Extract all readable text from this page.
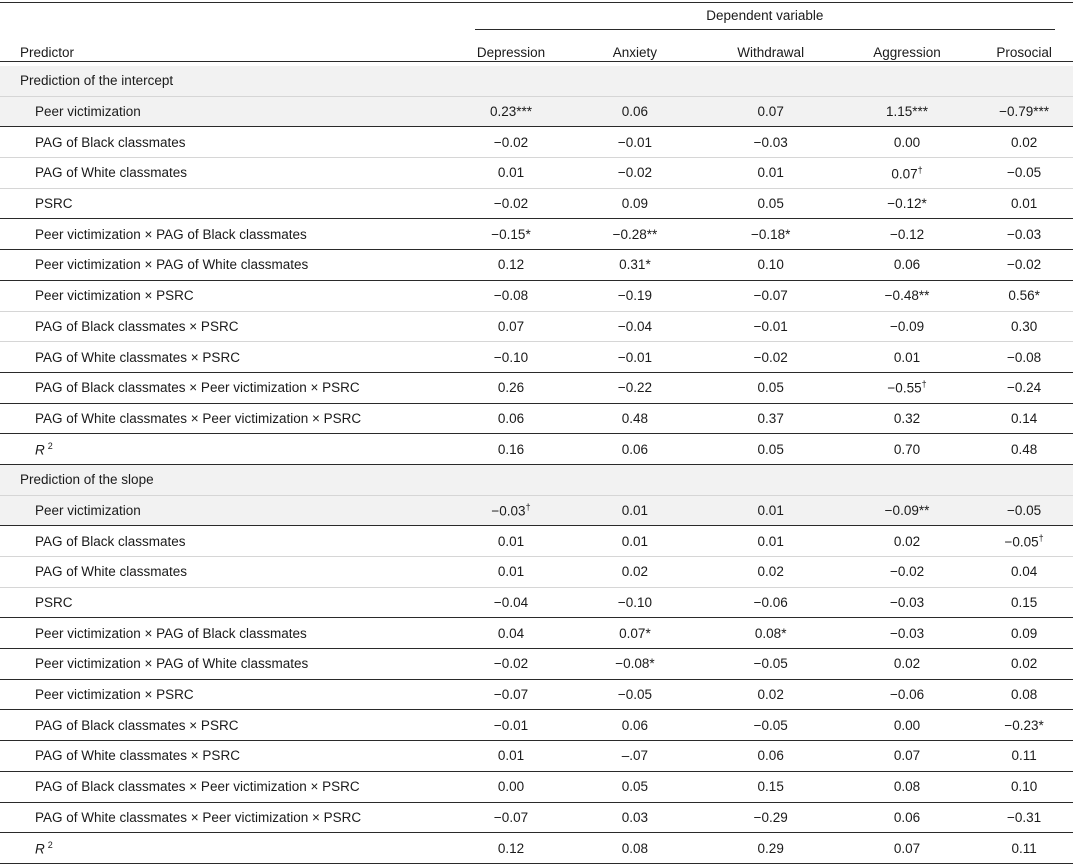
	Dependent variable				

Predictor	Depression	Anxiety	Withdrawal	Aggression	Prosocial
Prediction of the intercept					
Peer victimization	0.23***	0.06	0.07	1.15***	−0.79***
PAG of Black classmates	−0.02	−0.01	−0.03	0.00	0.02
PAG of White classmates	0.01	−0.02	0.01	0.07†	−0.05
PSRC	−0.02	0.09	0.05	−0.12*	0.01
Peer victimization × PAG of Black classmates	−0.15*	−0.28**	−0.18*	−0.12	−0.03
Peer victimization × PAG of White classmates	0.12	0.31*	0.10	0.06	−0.02
Peer victimization × PSRC	−0.08	−0.19	−0.07	−0.48**	0.56*
PAG of Black classmates × PSRC	0.07	−0.04	−0.01	−0.09	0.30
PAG of White classmates × PSRC	−0.10	−0.01	−0.02	0.01	−0.08
PAG of Black classmates × Peer victimization × PSRC	0.26	−0.22	0.05	−0.55†	−0.24
PAG of White classmates × Peer victimization × PSRC	0.06	0.48	0.37	0.32	0.14
R $^2$	0.16	0.06	0.05	0.70	0.48
Prediction of the slope					
Peer victimization	−0.03†	0.01	0.01	−0.09**	−0.05
PAG of Black classmates	0.01	0.01	0.01	0.02	−0.05†
PAG of White classmates	0.01	0.02	0.02	−0.02	0.04
PSRC	−0.04	−0.10	−0.06	−0.03	0.15
Peer victimization × PAG of Black classmates	0.04	0.07*	0.08*	−0.03	0.09
Peer victimization × PAG of White classmates	−0.02	−0.08*	−0.05	0.02	0.02
Peer victimization × PSRC	−0.07	−0.05	0.02	−0.06	0.08
PAG of Black classmates × PSRC	−0.01	0.06	−0.05	0.00	−0.23*
PAG of White classmates × PSRC	0.01	–.07	0.06	0.07	0.11
PAG of Black classmates × Peer victimization × PSRC	0.00	0.05	0.15	0.08	0.10
PAG of White classmates × Peer victimization × PSRC	−0.07	0.03	−0.29	0.06	−0.31
R $^2$	0.12	0.08	0.29	0.07	0.11
